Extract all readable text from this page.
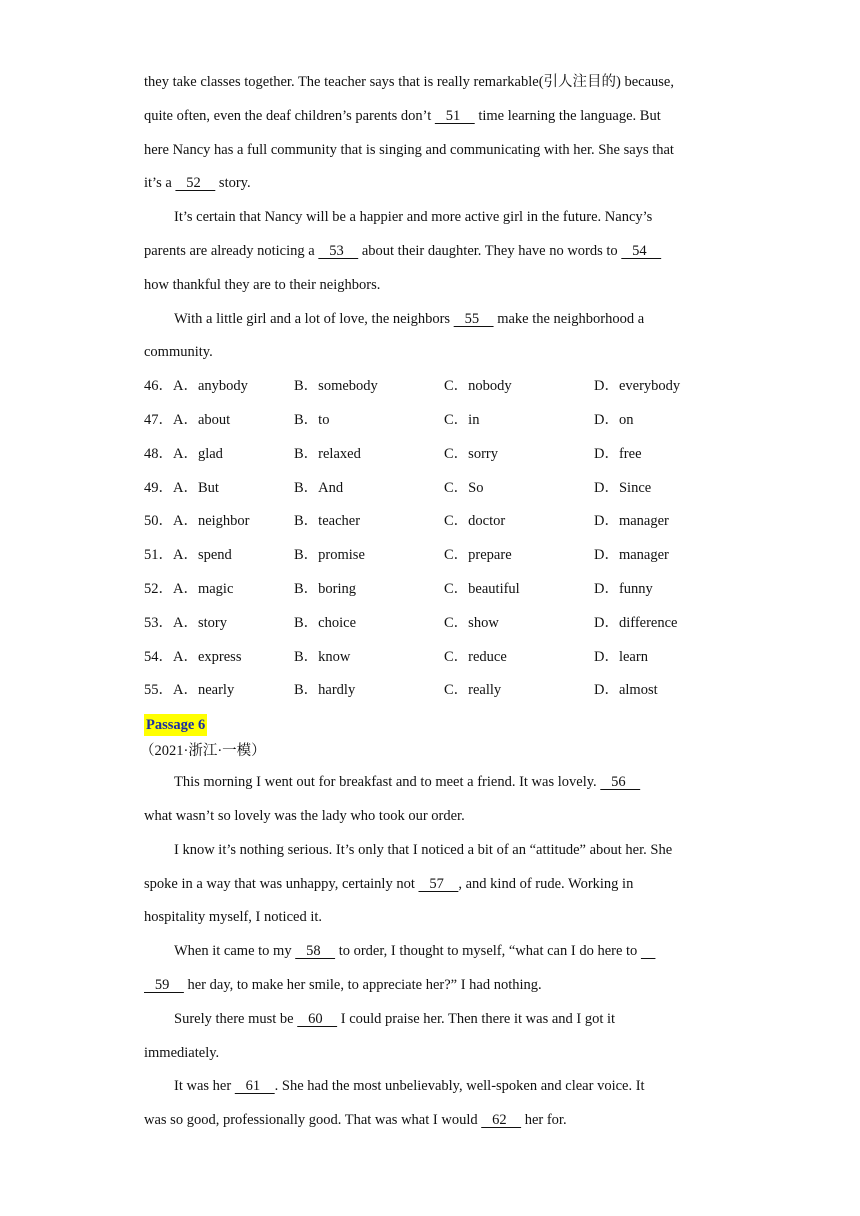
they take classes together. The teacher says that is really remarkable(引人注目的) because,
quite often, even the deaf children’s parents don’t    51     time learning the language. But
here Nancy has a full community that is singing and communicating with her. She says that
it’s a    52     story.
It’s certain that Nancy will be a happier and more active girl in the future. Nancy’s
parents are already noticing a    53     about their daughter. They have no words to    54
how thankful they are to their neighbors.
With a little girl and a lot of love, the neighbors    55     make the neighborhood a
community.
46．A．anybody	B．somebody	C．nobody	D．everybody
47．A．about	B．to	C．in	D．on
48．A．glad	B．relaxed	C．sorry	D．free
49．A．But	B．And	C．So	D．Since
50．A．neighbor	B．teacher	C．doctor	D．manager
51．A．spend	B．promise	C．prepare	D．manager
52．A．magic	B．boring	C．beautiful	D．funny
53．A．story	B．choice	C．show	D．difference
54．A．express	B．know	C．reduce	D．learn
55．A．nearly	B．hardly	C．really	D．almost
Passage 6
（2021·浙江·一模）
This morning I went out for breakfast and to meet a friend. It was lovely.    56
what wasn’t so lovely was the lady who took our order.
I know it’s nothing serious. It’s only that I noticed a bit of an “attitude” about her. She
spoke in a way that was unhappy, certainly not    57    , and kind of rude. Working in
hospitality myself, I noticed it.
When it came to my    58     to order, I thought to myself, “what can I do here to
59     her day, to make her smile, to appreciate her?” I had nothing.
Surely there must be    60     I could praise her. Then there it was and I got it
immediately.
It was her    61    . She had the most unbelievably, well-spoken and clear voice. It
was so good, professionally good. That was what I would    62     her for.
